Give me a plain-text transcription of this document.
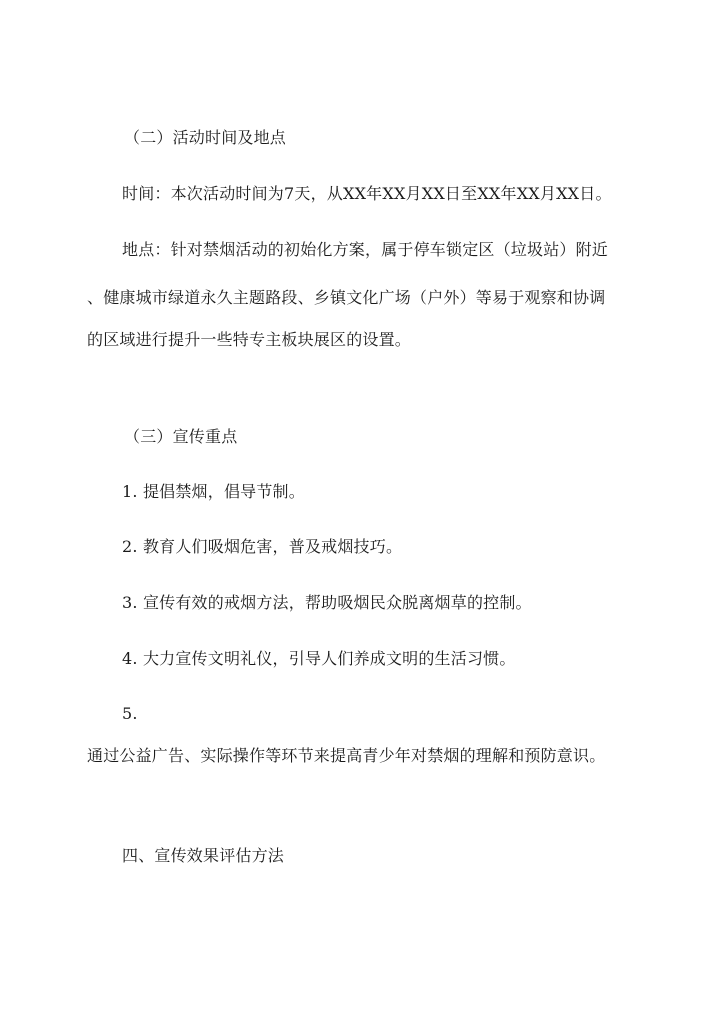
（二）活动时间及地点
时间：本次活动时间为7天，从XX年XX月XX日至XX年XX月XX日。
地点：针对禁烟活动的初始化方案，属于停车锁定区（垃圾站）附近
、健康城市绿道永久主题路段、乡镇文化广场（户外）等易于观察和协调
的区域进行提升一些特专主板块展区的设置。
（三）宣传重点
1. 提倡禁烟，倡导节制。
2. 教育人们吸烟危害，普及戒烟技巧。
3. 宣传有效的戒烟方法，帮助吸烟民众脱离烟草的控制。
4. 大力宣传文明礼仪，引导人们养成文明的生活习惯。
5.
通过公益广告、实际操作等环节来提高青少年对禁烟的理解和预防意识。
四、宣传效果评估方法
